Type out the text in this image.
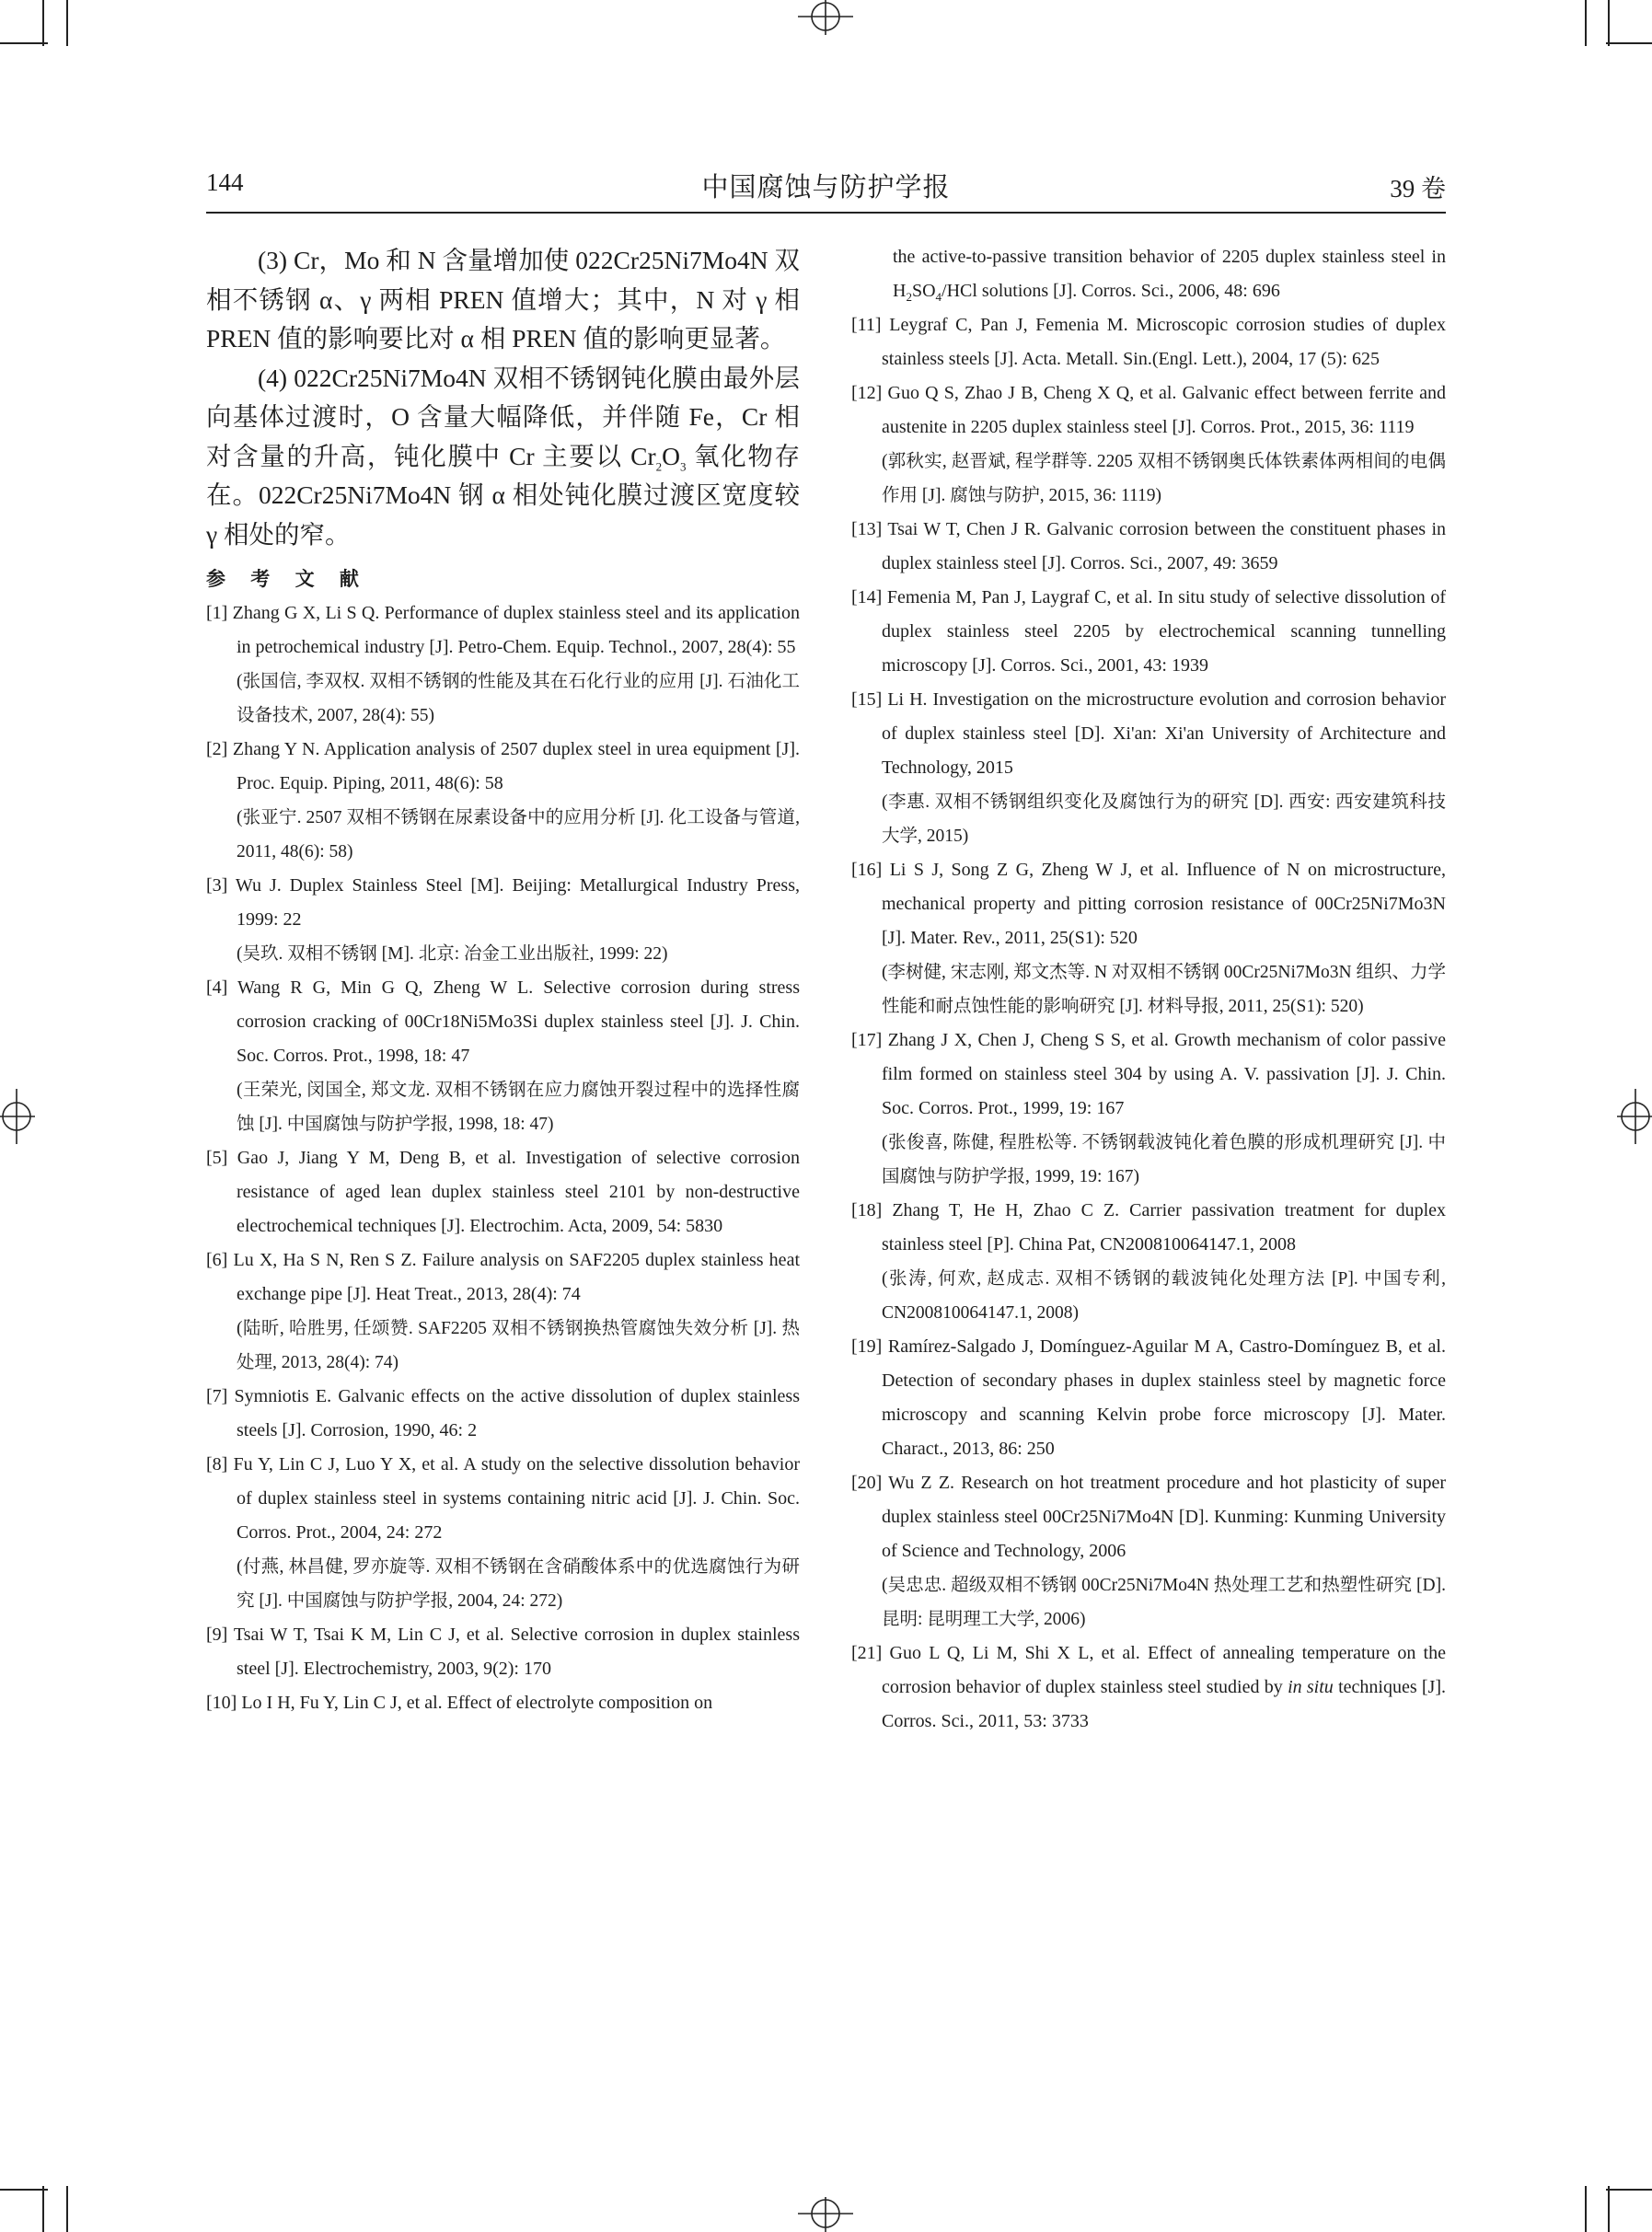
144	中国腐蚀与防护学报	39 卷

(3) Cr，Mo 和 N 含量增加使 022Cr25Ni7Mo4N 双相不锈钢 α、γ 两相 PREN 值增大；其中，N 对 γ 相 PREN 值的影响要比对 α 相 PREN 值的影响更显著。

(4) 022Cr25Ni7Mo4N 双相不锈钢钝化膜由最外层向基体过渡时，O 含量大幅降低，并伴随 Fe，Cr 相对含量的升高，钝化膜中 Cr 主要以 $Cr_2O_3$ 氧化物存在。022Cr25Ni7Mo4N 钢 α 相处钝化膜过渡区宽度较 γ 相处的窄。

参 考 文 献

[1] Zhang G X, Li S Q. Performance of duplex stainless steel and its application in petrochemical industry [J]. Petro-Chem. Equip. Technol., 2007, 28(4): 55

(张国信, 李双权. 双相不锈钢的性能及其在石化行业的应用 [J]. 石油化工设备技术, 2007, 28(4): 55)

[2] Zhang Y N. Application analysis of 2507 duplex steel in urea equipment [J]. Proc. Equip. Piping, 2011, 48(6): 58

(张亚宁. 2507 双相不锈钢在尿素设备中的应用分析 [J]. 化工设备与管道, 2011, 48(6): 58)

[3] Wu J. Duplex Stainless Steel [M]. Beijing: Metallurgical Industry Press, 1999: 22

(吴玖. 双相不锈钢 [M]. 北京: 冶金工业出版社, 1999: 22)

[4] Wang R G, Min G Q, Zheng W L. Selective corrosion during stress corrosion cracking of 00Cr18Ni5Mo3Si duplex stainless steel [J]. J. Chin. Soc. Corros. Prot., 1998, 18: 47

(王荣光, 闵国全, 郑文龙. 双相不锈钢在应力腐蚀开裂过程中的选择性腐蚀 [J]. 中国腐蚀与防护学报, 1998, 18: 47)

[5] Gao J, Jiang Y M, Deng B, et al. Investigation of selective corrosion resistance of aged lean duplex stainless steel 2101 by non-destructive electrochemical techniques [J]. Electrochim. Acta, 2009, 54: 5830

[6] Lu X, Ha S N, Ren S Z. Failure analysis on SAF2205 duplex stainless heat exchange pipe [J]. Heat Treat., 2013, 28(4): 74

(陆昕, 哈胜男, 任颂赞. SAF2205 双相不锈钢换热管腐蚀失效分析 [J]. 热处理, 2013, 28(4): 74)

[7] Symniotis E. Galvanic effects on the active dissolution of duplex stainless steels [J]. Corrosion, 1990, 46: 2

[8] Fu Y, Lin C J, Luo Y X, et al. A study on the selective dissolution behavior of duplex stainless steel in systems containing nitric acid [J]. J. Chin. Soc. Corros. Prot., 2004, 24: 272

(付燕, 林昌健, 罗亦旋等. 双相不锈钢在含硝酸体系中的优选腐蚀行为研究 [J]. 中国腐蚀与防护学报, 2004, 24: 272)

[9] Tsai W T, Tsai K M, Lin C J, et al. Selective corrosion in duplex stainless steel [J]. Electrochemistry, 2003, 9(2): 170

[10] Lo I H, Fu Y, Lin C J, et al. Effect of electrolyte composition on

the active-to-passive transition behavior of 2205 duplex stainless steel in $H_2SO_4$/HCl solutions [J]. Corros. Sci., 2006, 48: 696

[11] Leygraf C, Pan J, Femenia M. Microscopic corrosion studies of duplex stainless steels [J]. Acta. Metall. Sin.(Engl. Lett.), 2004, 17 (5): 625

[12] Guo Q S, Zhao J B, Cheng X Q, et al. Galvanic effect between ferrite and austenite in 2205 duplex stainless steel [J]. Corros. Prot., 2015, 36: 1119

(郭秋实, 赵晋斌, 程学群等. 2205 双相不锈钢奥氏体铁素体两相间的电偶作用 [J]. 腐蚀与防护, 2015, 36: 1119)

[13] Tsai W T, Chen J R. Galvanic corrosion between the constituent phases in duplex stainless steel [J]. Corros. Sci., 2007, 49: 3659

[14] Femenia M, Pan J, Laygraf C, et al. In situ study of selective dissolution of duplex stainless steel 2205 by electrochemical scanning tunnelling microscopy [J]. Corros. Sci., 2001, 43: 1939

[15] Li H. Investigation on the microstructure evolution and corrosion behavior of duplex stainless steel [D]. Xi'an: Xi'an University of Architecture and Technology, 2015

(李惠. 双相不锈钢组织变化及腐蚀行为的研究 [D]. 西安: 西安建筑科技大学, 2015)

[16] Li S J, Song Z G, Zheng W J, et al. Influence of N on microstructure, mechanical property and pitting corrosion resistance of 00Cr25Ni7Mo3N [J]. Mater. Rev., 2011, 25(S1): 520

(李树健, 宋志刚, 郑文杰等. N 对双相不锈钢 00Cr25Ni7Mo3N 组织、力学性能和耐点蚀性能的影响研究 [J]. 材料导报, 2011, 25(S1): 520)

[17] Zhang J X, Chen J, Cheng S S, et al. Growth mechanism of color passive film formed on stainless steel 304 by using A. V. passivation [J]. J. Chin. Soc. Corros. Prot., 1999, 19: 167

(张俊喜, 陈健, 程胜松等. 不锈钢载波钝化着色膜的形成机理研究 [J]. 中国腐蚀与防护学报, 1999, 19: 167)

[18] Zhang T, He H, Zhao C Z. Carrier passivation treatment for duplex stainless steel [P]. China Pat, CN200810064147.1, 2008

(张涛, 何欢, 赵成志. 双相不锈钢的载波钝化处理方法 [P]. 中国专利, CN200810064147.1, 2008)

[19] Ramírez-Salgado J, Domínguez-Aguilar M A, Castro-Domínguez B, et al. Detection of secondary phases in duplex stainless steel by magnetic force microscopy and scanning Kelvin probe force microscopy [J]. Mater. Charact., 2013, 86: 250

[20] Wu Z Z. Research on hot treatment procedure and hot plasticity of super duplex stainless steel 00Cr25Ni7Mo4N [D]. Kunming: Kunming University of Science and Technology, 2006

(吴忠忠. 超级双相不锈钢 00Cr25Ni7Mo4N 热处理工艺和热塑性研究 [D]. 昆明: 昆明理工大学, 2006)

[21] Guo L Q, Li M, Shi X L, et al. Effect of annealing temperature on the corrosion behavior of duplex stainless steel studied by in situ techniques [J]. Corros. Sci., 2011, 53: 3733
